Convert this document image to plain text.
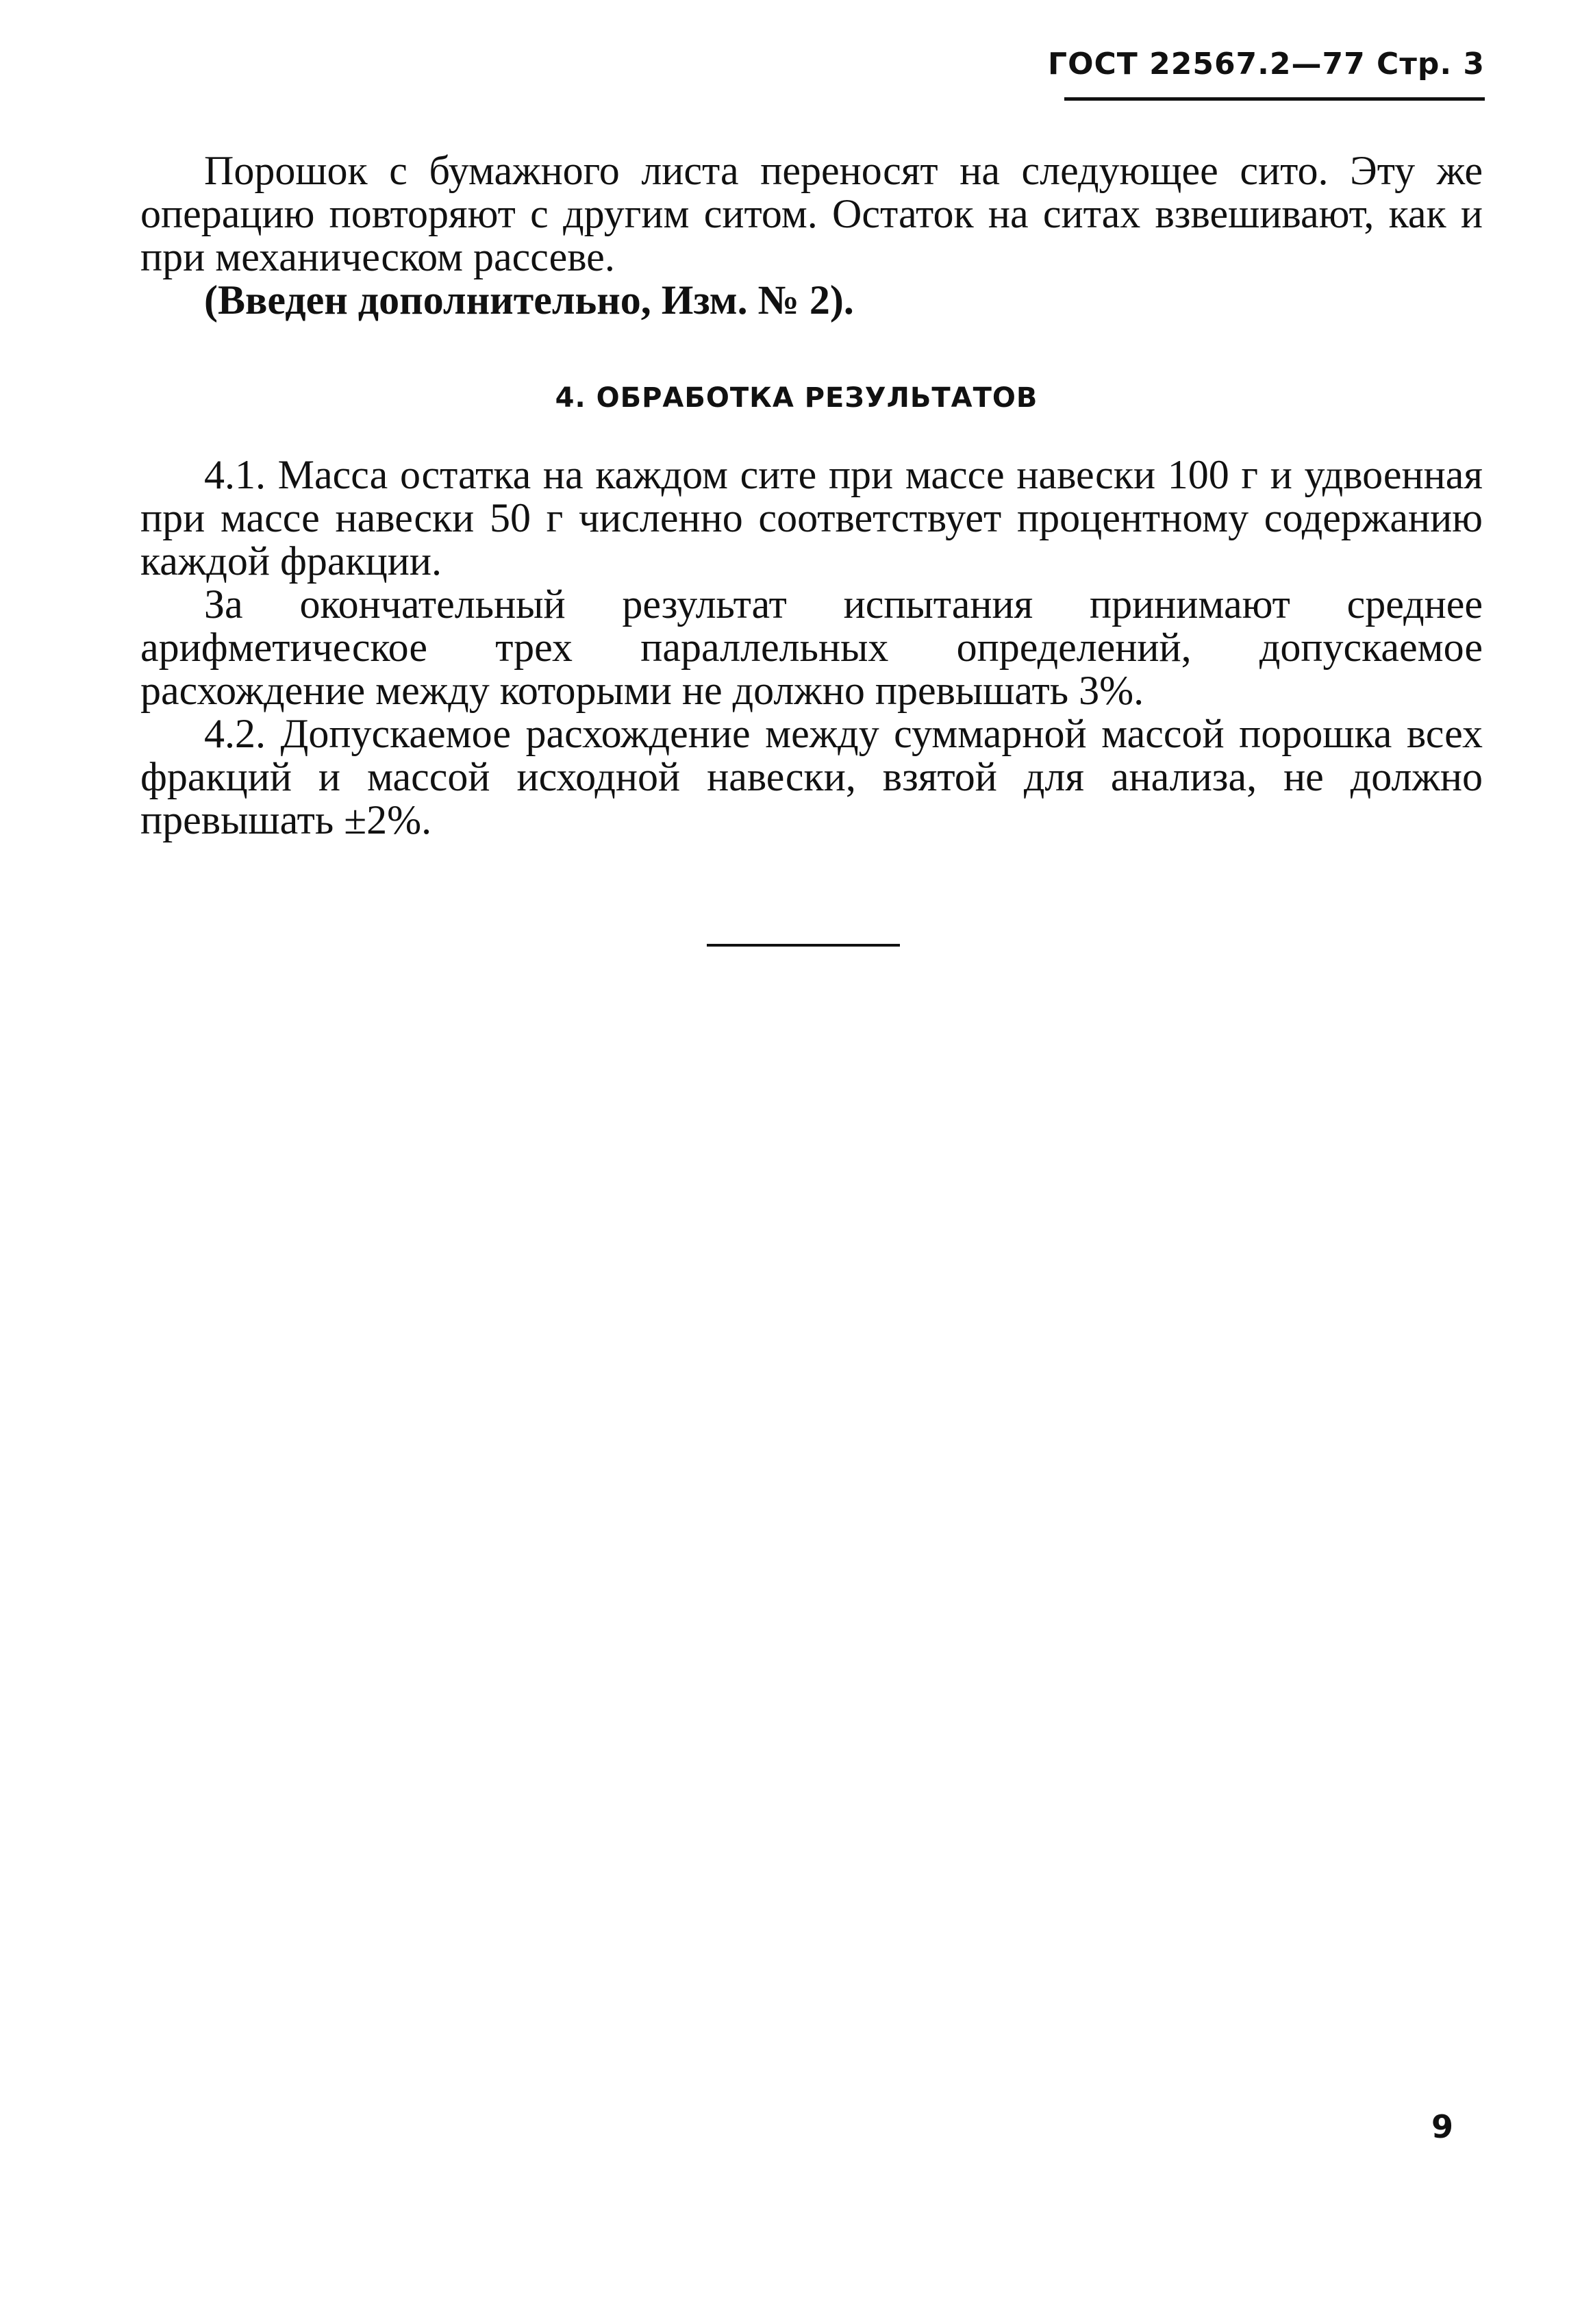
ГОСТ 22567.2—77 Стр. 3

Порошок с бумажного листа переносят на следующее сито. Эту же операцию повторяют с другим ситом. Остаток на ситах взвешивают, как и при механическом рассеве.

(Введен дополнительно, Изм. № 2).

4. ОБРАБОТКА РЕЗУЛЬТАТОВ

4.1. Масса остатка на каждом сите при массе навески 100 г и удвоенная при массе навески 50 г численно соответствует процентному содержанию каждой фракции.

За окончательный результат испытания принимают среднее арифметическое трех параллельных определений, допускаемое расхождение между которыми не должно превышать 3%.

4.2. Допускаемое расхождение между суммарной массой порошка всех фракций и массой исходной навески, взятой для анализа, не должно превышать ±2%.

9
